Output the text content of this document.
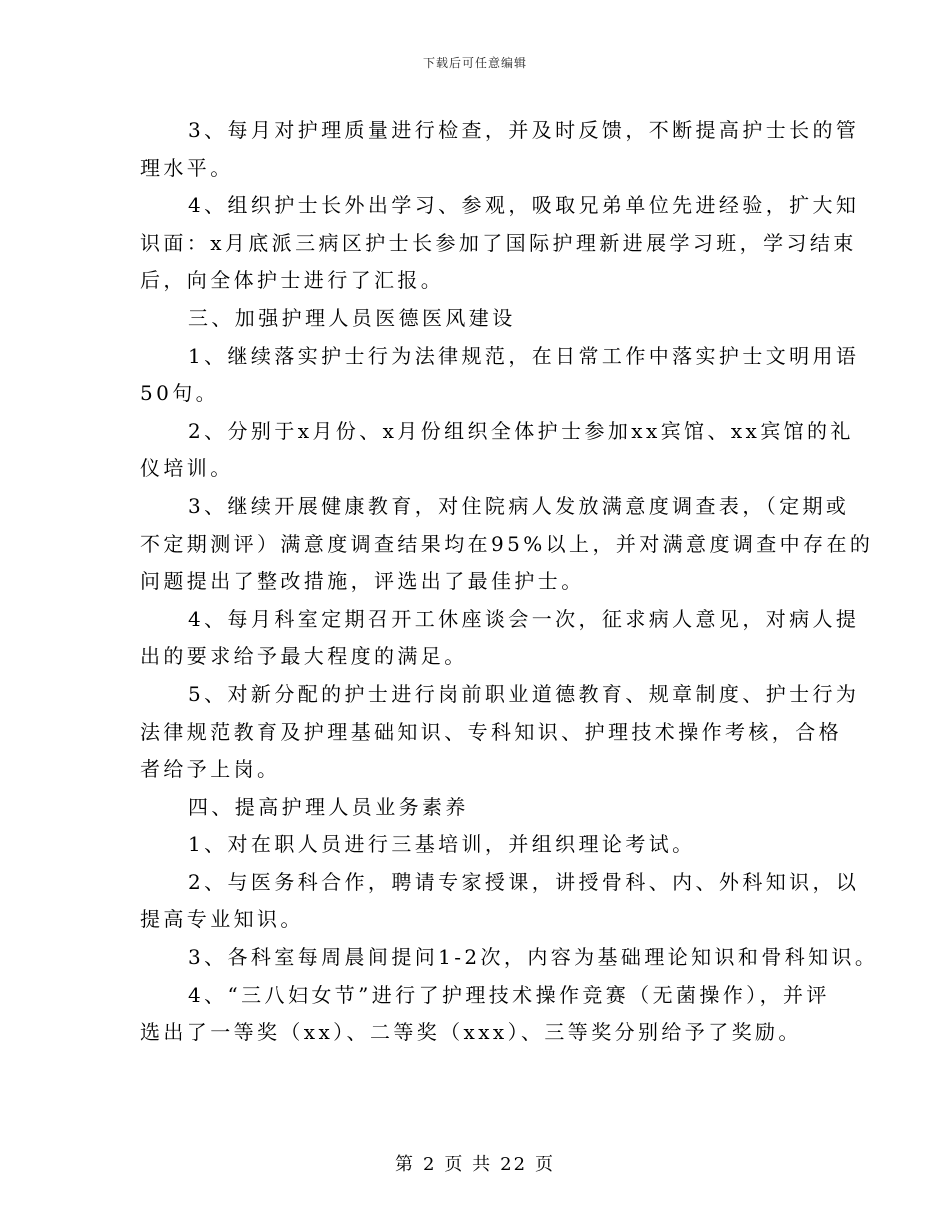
下载后可任意编辑
3、每月对护理质量进行检查，并及时反馈，不断提高护士长的管
理水平。
4、组织护士长外出学习、参观，吸取兄弟单位先进经验，扩大知
识面：x月底派三病区护士长参加了国际护理新进展学习班，学习结束
后，向全体护士进行了汇报。
三、加强护理人员医德医风建设
1、继续落实护士行为法律规范，在日常工作中落实护士文明用语
50句。
2、分别于x月份、x月份组织全体护士参加xx宾馆、xx宾馆的礼
仪培训。
3、继续开展健康教育，对住院病人发放满意度调查表，（定期或
不定期测评）满意度调查结果均在95%以上，并对满意度调查中存在的
问题提出了整改措施，评选出了最佳护士。
4、每月科室定期召开工休座谈会一次，征求病人意见，对病人提
出的要求给予最大程度的满足。
5、对新分配的护士进行岗前职业道德教育、规章制度、护士行为
法律规范教育及护理基础知识、专科知识、护理技术操作考核，合格
者给予上岗。
四、提高护理人员业务素养
1、对在职人员进行三基培训，并组织理论考试。
2、与医务科合作，聘请专家授课，讲授骨科、内、外科知识，以
提高专业知识。
3、各科室每周晨间提问1-2次，内容为基础理论知识和骨科知识。
4、“三八妇女节”进行了护理技术操作竞赛（无菌操作），并评
选出了一等奖（xx）、二等奖（xxx）、三等奖分别给予了奖励。
第 2 页 共 22 页
